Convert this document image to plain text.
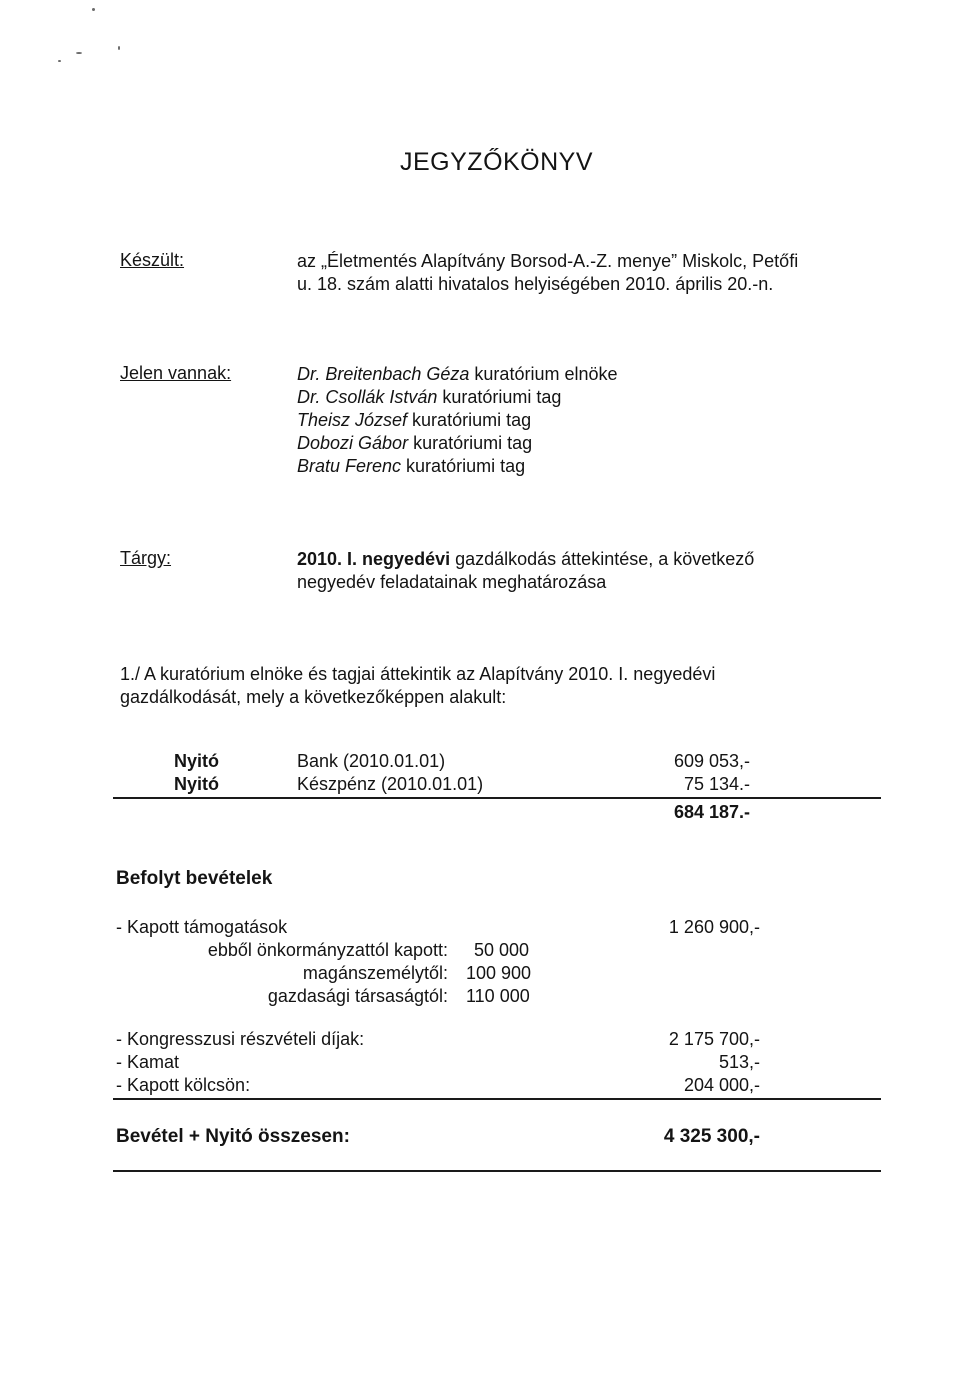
JEGYZŐKÖNYV
Készült:	az „Életmentés Alapítvány Borsod-A.-Z. menye” Miskolc, Petőfi
u. 18. szám alatti hivatalos helyiségében 2010. április 20.-n.
Jelen vannak:	Dr. Breitenbach Géza kuratórium elnöke
Dr. Csollák István kuratóriumi tag
Theisz József kuratóriumi tag
Dobozi Gábor kuratóriumi tag
Bratu Ferenc kuratóriumi tag
Tárgy:	2010. I. negyedévi gazdálkodás áttekintése, a következő
negyedév feladatainak meghatározása
1./ A kuratórium elnöke és tagjai áttekintik az Alapítvány 2010. I. negyedévi
gazdálkodását, mely a következőképpen alakult:
Nyitó	Bank (2010.01.01)	609 053,-
Nyitó	Készpénz (2010.01.01)	75 134.-
684 187.-
Befolyt bevételek
- Kapott támogatások	1 260 900,-
ebből önkormányzattól kapott: 50 000
magánszemélytől: 100 900
gazdasági társaságtól: 110 000
- Kongresszusi részvételi díjak:	2 175 700,-
- Kamat	513,-
- Kapott kölcsön:	204 000,-
Bevétel + Nyitó összesen:	4 325 300,-
